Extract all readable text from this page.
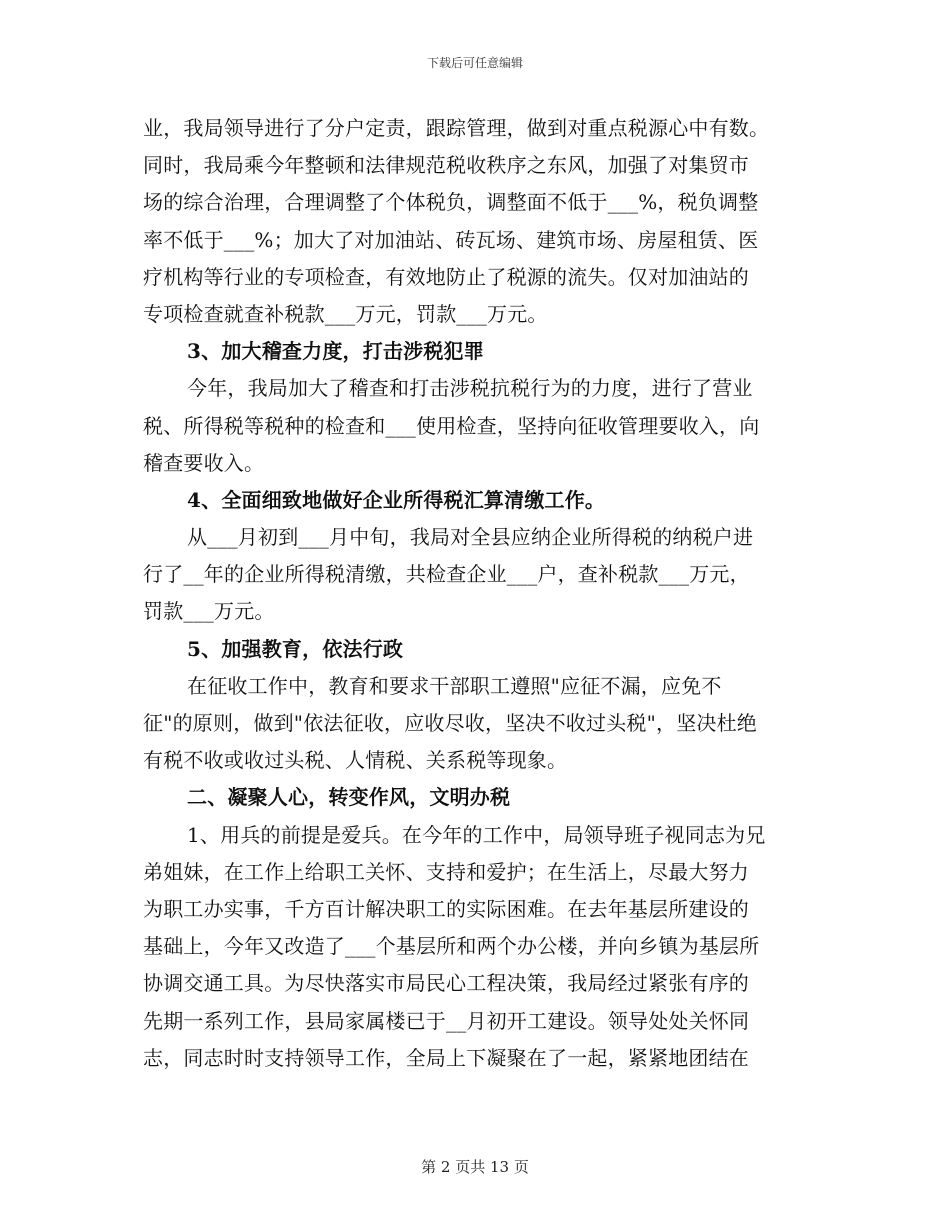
下载后可任意编辑
业，我局领导进行了分户定责，跟踪管理，做到对重点税源心中有数。
同时，我局乘今年整顿和法律规范税收秩序之东风，加强了对集贸市
场的综合治理，合理调整了个体税负，调整面不低于___%，税负调整
率不低于___%；加大了对加油站、砖瓦场、建筑市场、房屋租赁、医
疗机构等行业的专项检查，有效地防止了税源的流失。仅对加油站的
专项检查就查补税款___万元，罚款___万元。
3、加大稽查力度，打击涉税犯罪
今年，我局加大了稽查和打击涉税抗税行为的力度，进行了营业
税、所得税等税种的检查和___使用检查，坚持向征收管理要收入，向
稽查要收入。
4、全面细致地做好企业所得税汇算清缴工作。
从___月初到___月中旬，我局对全县应纳企业所得税的纳税户进
行了__年的企业所得税清缴，共检查企业___户，查补税款___万元，
罚款___万元。
5、加强教育，依法行政
在征收工作中，教育和要求干部职工遵照"应征不漏，应免不
征"的原则，做到"依法征收，应收尽收，坚决不收过头税"，坚决杜绝
有税不收或收过头税、人情税、关系税等现象。
二、凝聚人心，转变作风，文明办税
1、用兵的前提是爱兵。在今年的工作中，局领导班子视同志为兄
弟姐妹，在工作上给职工关怀、支持和爱护；在生活上，尽最大努力
为职工办实事，千方百计解决职工的实际困难。在去年基层所建设的
基础上，今年又改造了___个基层所和两个办公楼，并向乡镇为基层所
协调交通工具。为尽快落实市局民心工程决策，我局经过紧张有序的
先期一系列工作，县局家属楼已于__月初开工建设。领导处处关怀同
志，同志时时支持领导工作，全局上下凝聚在了一起，紧紧地团结在
第 2 页共 13 页
